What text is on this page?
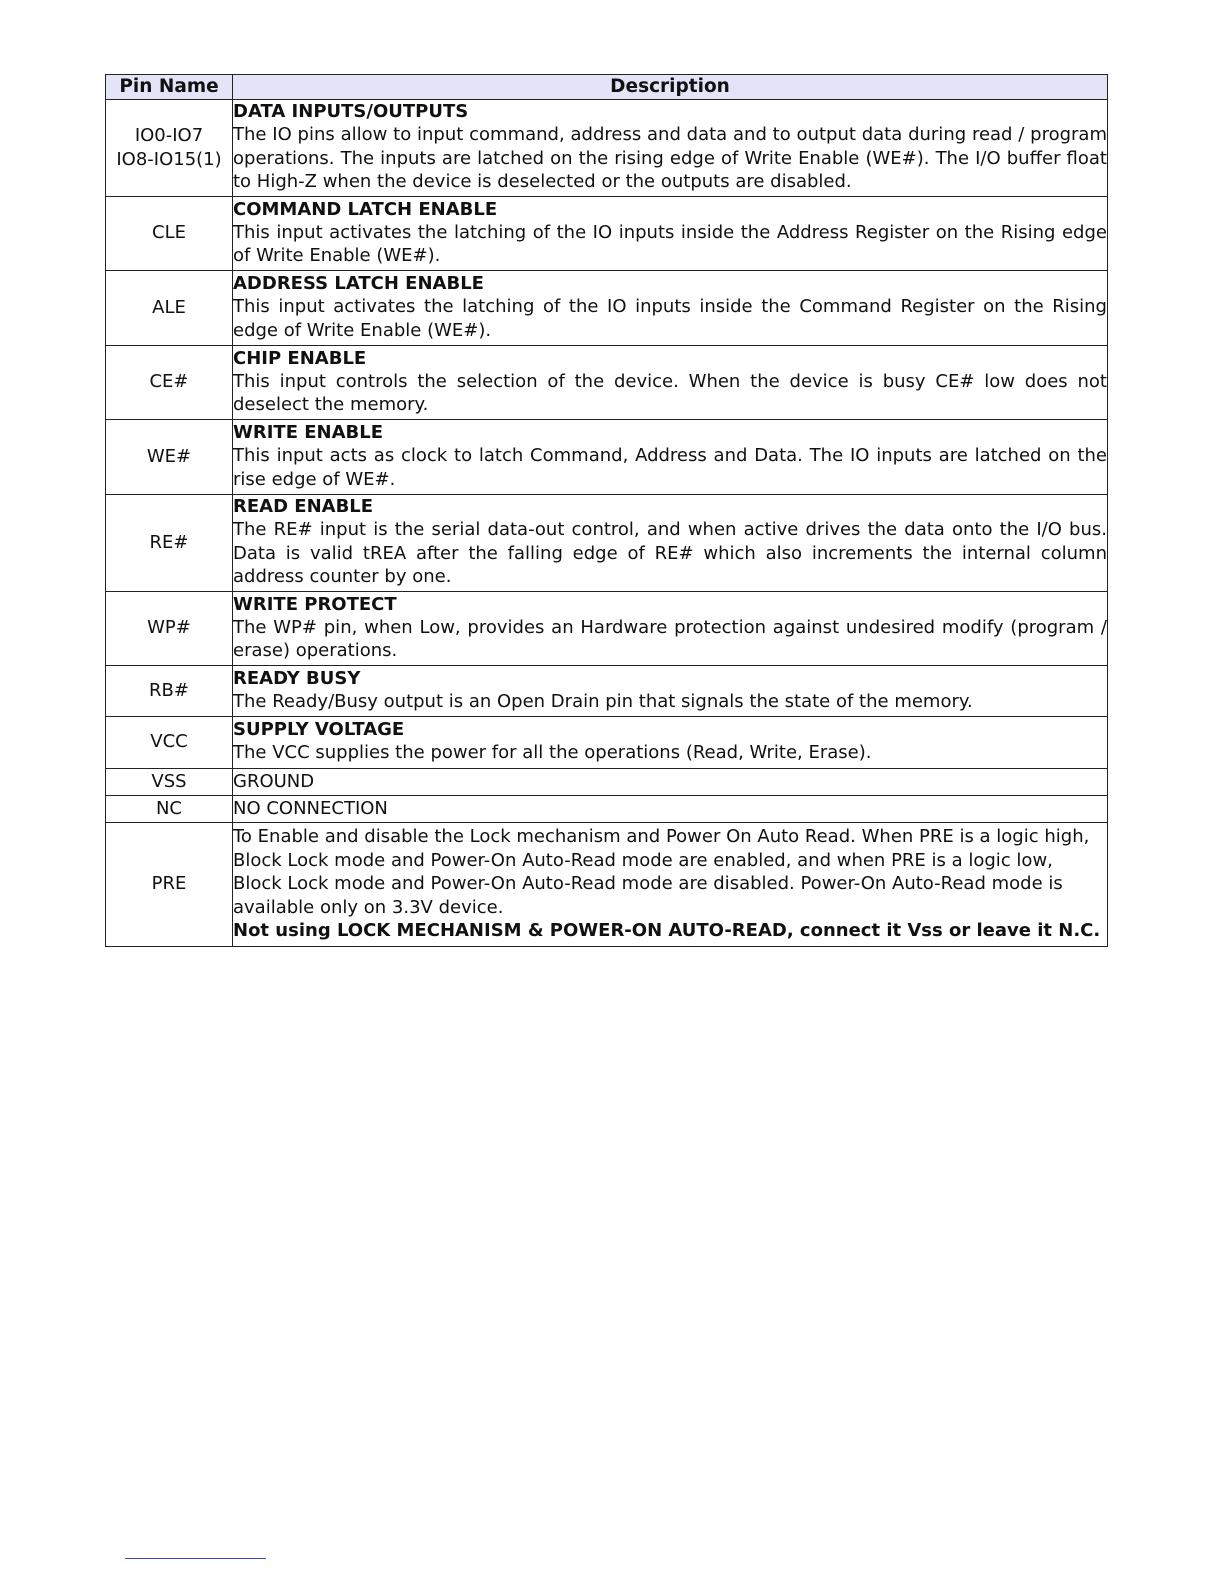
Pin Name	Description
IO0-IO7
IO8-IO15(1)	DATA INPUTS/OUTPUTS
The IO pins allow to input command, address and data and to output data during read / program operations. The inputs are latched on the rising edge of Write Enable (WE#). The I/O buffer float to High-Z when the device is deselected or the outputs are disabled.

CLE	COMMAND LATCH ENABLE
This input activates the latching of the IO inputs inside the Address Register on the Rising edge of Write Enable (WE#).

ALE	ADDRESS LATCH ENABLE
This input activates the latching of the IO inputs inside the Command Register on the Rising edge of Write Enable (WE#).

CE#	CHIP ENABLE
This input controls the selection of the device. When the device is busy CE# low does not deselect the memory.

WE#	WRITE ENABLE
This input acts as clock to latch Command, Address and Data. The IO inputs are latched on the rise edge of WE#.

RE#	READ ENABLE
The RE# input is the serial data-out control, and when active drives the data onto the I/O bus. Data is valid tREA after the falling edge of RE# which also increments the internal column address counter by one.

WP#	WRITE PROTECT
The WP# pin, when Low, provides an Hardware protection against undesired modify (program / erase) operations.

RB#	READY BUSY
The Ready/Busy output is an Open Drain pin that signals the state of the memory.

VCC	SUPPLY VOLTAGE
The VCC supplies the power for all the operations (Read, Write, Erase).

VSS	GROUND
NC	NO CONNECTION
PRE	To Enable and disable the Lock mechanism and Power On Auto Read. When PRE is a logic high, Block Lock mode and Power-On Auto-Read mode are enabled, and when PRE is a logic low, Block Lock mode and Power-On Auto-Read mode are disabled. Power-On Auto-Read mode is available only on 3.3V device.
Not using LOCK MECHANISM & POWER-ON AUTO-READ, connect it Vss or leave it N.C.
